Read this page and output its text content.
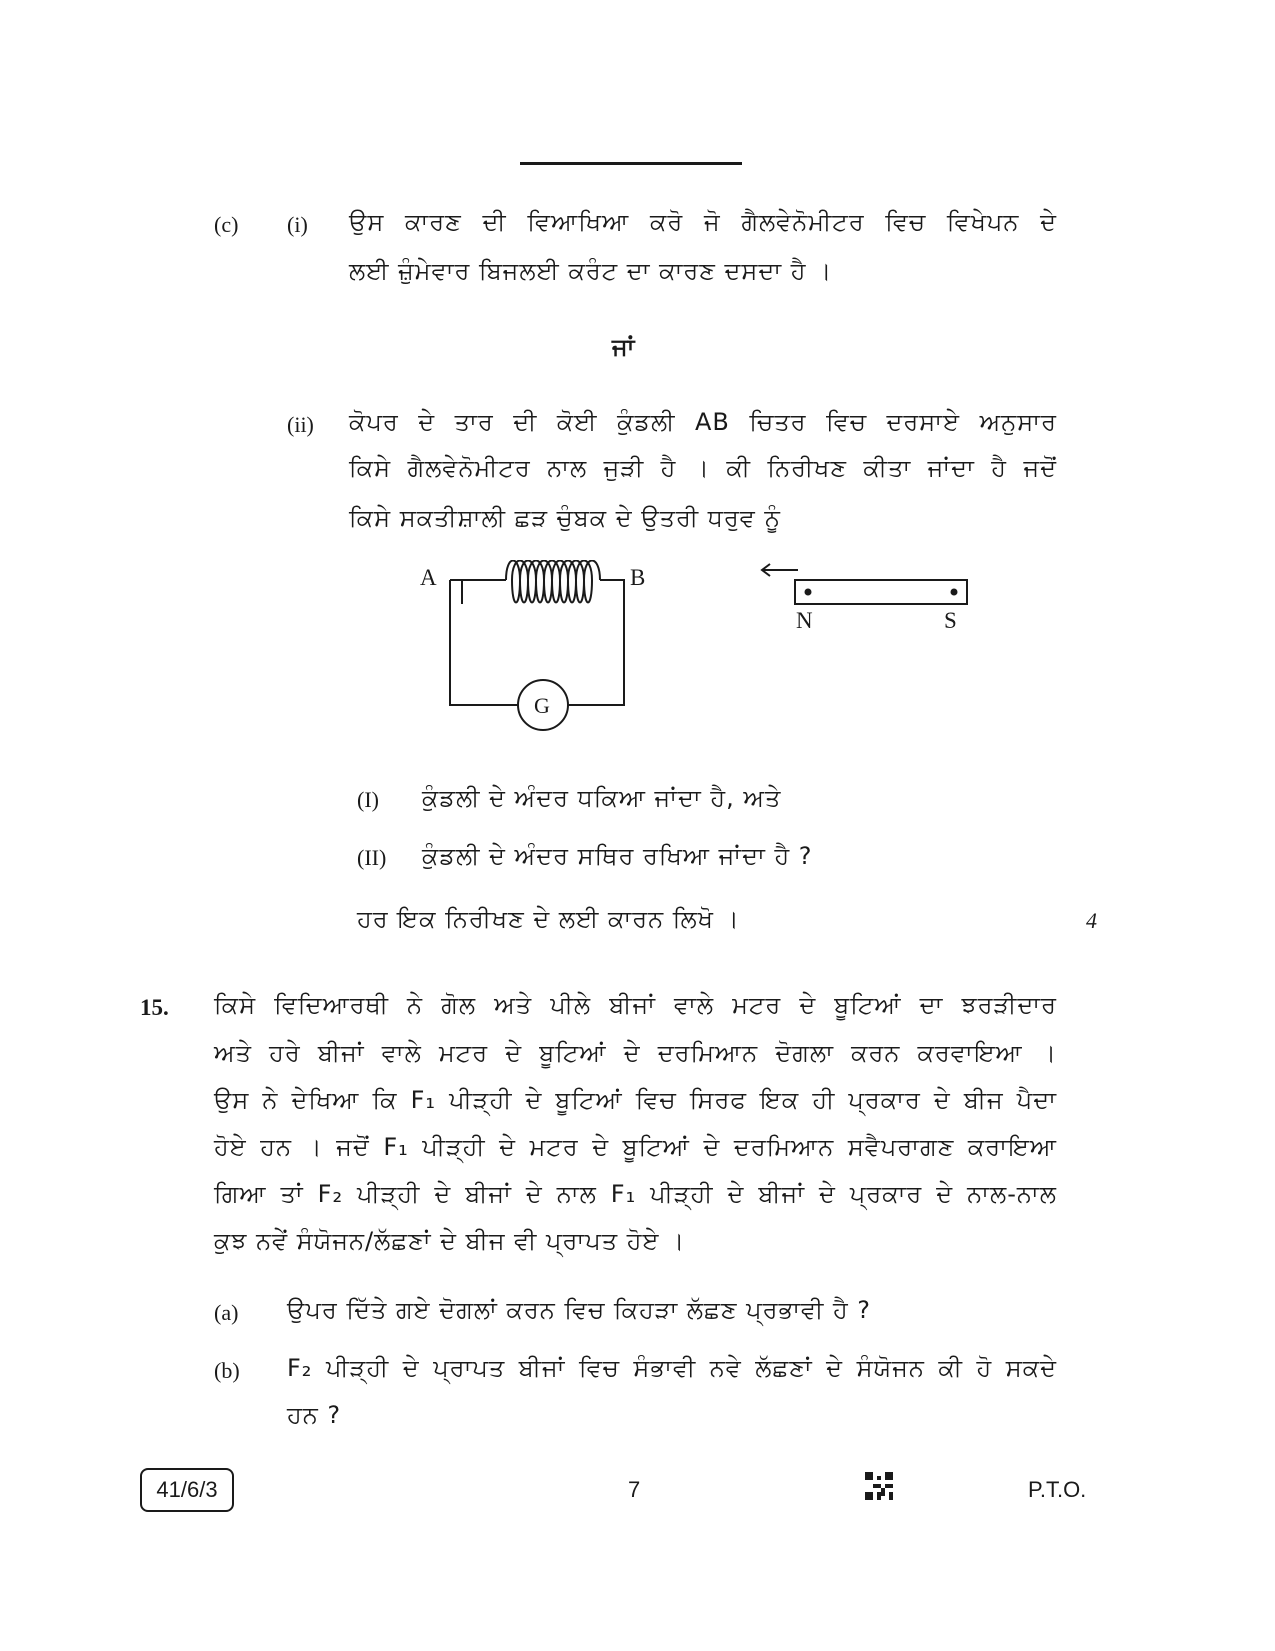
(c) (i) ਉਸ ਕਾਰਣ ਦੀ ਵਿਆਖਿਆ ਕਰੋ ਜੋ ਗੈਲਵੇਨੋਮੀਟਰ ਵਿਚ ਵਿਖੇਪਨ ਦੇ
ਲਈ ਜ਼ੁੰਮੇਵਾਰ ਬਿਜਲਈ ਕਰੰਟ ਦਾ ਕਾਰਣ ਦਸਦਾ ਹੈ ।
ਜਾਂ
(ii) ਕੋਪਰ ਦੇ ਤਾਰ ਦੀ ਕੋਈ ਕੁੰਡਲੀ AB ਚਿਤਰ ਵਿਚ ਦਰਸਾਏ ਅਨੁਸਾਰ
ਕਿਸੇ ਗੈਲਵੇਨੋਮੀਟਰ ਨਾਲ ਜੁੜੀ ਹੈ । ਕੀ ਨਿਰੀਖਣ ਕੀਤਾ ਜਾਂਦਾ ਹੈ ਜਦੋਂ
ਕਿਸੇ ਸਕਤੀਸ਼ਾਲੀ ਛੜ ਚੁੰਬਕ ਦੇ ਉਤਰੀ ਧਰੁਵ ਨੂੰ
A	B
G
N	S
(I) ਕੁੰਡਲੀ ਦੇ ਅੰਦਰ ਧਕਿਆ ਜਾਂਦਾ ਹੈ, ਅਤੇ
(II) ਕੁੰਡਲੀ ਦੇ ਅੰਦਰ ਸਥਿਰ ਰਖਿਆ ਜਾਂਦਾ ਹੈ ?
ਹਰ ਇਕ ਨਿਰੀਖਣ ਦੇ ਲਈ ਕਾਰਨ ਲਿਖੋ ।	4
15. ਕਿਸੇ ਵਿਦਿਆਰਥੀ ਨੇ ਗੋਲ ਅਤੇ ਪੀਲੇ ਬੀਜਾਂ ਵਾਲੇ ਮਟਰ ਦੇ ਬੂਟਿਆਂ ਦਾ ਝਰੜੀਦਾਰ
ਅਤੇ ਹਰੇ ਬੀਜਾਂ ਵਾਲੇ ਮਟਰ ਦੇ ਬੂਟਿਆਂ ਦੇ ਦਰਮਿਆਨ ਦੋਗਲਾ ਕਰਨ ਕਰਵਾਇਆ ।
ਉਸ ਨੇ ਦੇਖਿਆ ਕਿ F₁ ਪੀੜ੍ਹੀ ਦੇ ਬੂਟਿਆਂ ਵਿਚ ਸਿਰਫ ਇਕ ਹੀ ਪ੍ਰਕਾਰ ਦੇ ਬੀਜ ਪੈਦਾ
ਹੋਏ ਹਨ । ਜਦੋਂ F₁ ਪੀੜ੍ਹੀ ਦੇ ਮਟਰ ਦੇ ਬੂਟਿਆਂ ਦੇ ਦਰਮਿਆਨ ਸਵੈਪਰਾਗਣ ਕਰਾਇਆ
ਗਿਆ ਤਾਂ F₂ ਪੀੜ੍ਹੀ ਦੇ ਬੀਜਾਂ ਦੇ ਨਾਲ F₁ ਪੀੜ੍ਹੀ ਦੇ ਬੀਜਾਂ ਦੇ ਪ੍ਰਕਾਰ ਦੇ ਨਾਲ-ਨਾਲ
ਕੁਝ ਨਵੇਂ ਸੰਯੋਜਨ/ਲੱਛਣਾਂ ਦੇ ਬੀਜ ਵੀ ਪ੍ਰਾਪਤ ਹੋਏ ।
(a) ਉਪਰ ਦਿੱਤੇ ਗਏ ਦੋਗਲਾਂ ਕਰਨ ਵਿਚ ਕਿਹੜਾ ਲੱਛਣ ਪ੍ਰਭਾਵੀ ਹੈ ?
(b) F₂ ਪੀੜ੍ਹੀ ਦੇ ਪ੍ਰਾਪਤ ਬੀਜਾਂ ਵਿਚ ਸੰਭਾਵੀ ਨਵੇ ਲੱਛਣਾਂ ਦੇ ਸੰਯੋਜਨ ਕੀ ਹੋ ਸਕਦੇ
ਹਨ ?
41/6/3	7	P.T.O.
